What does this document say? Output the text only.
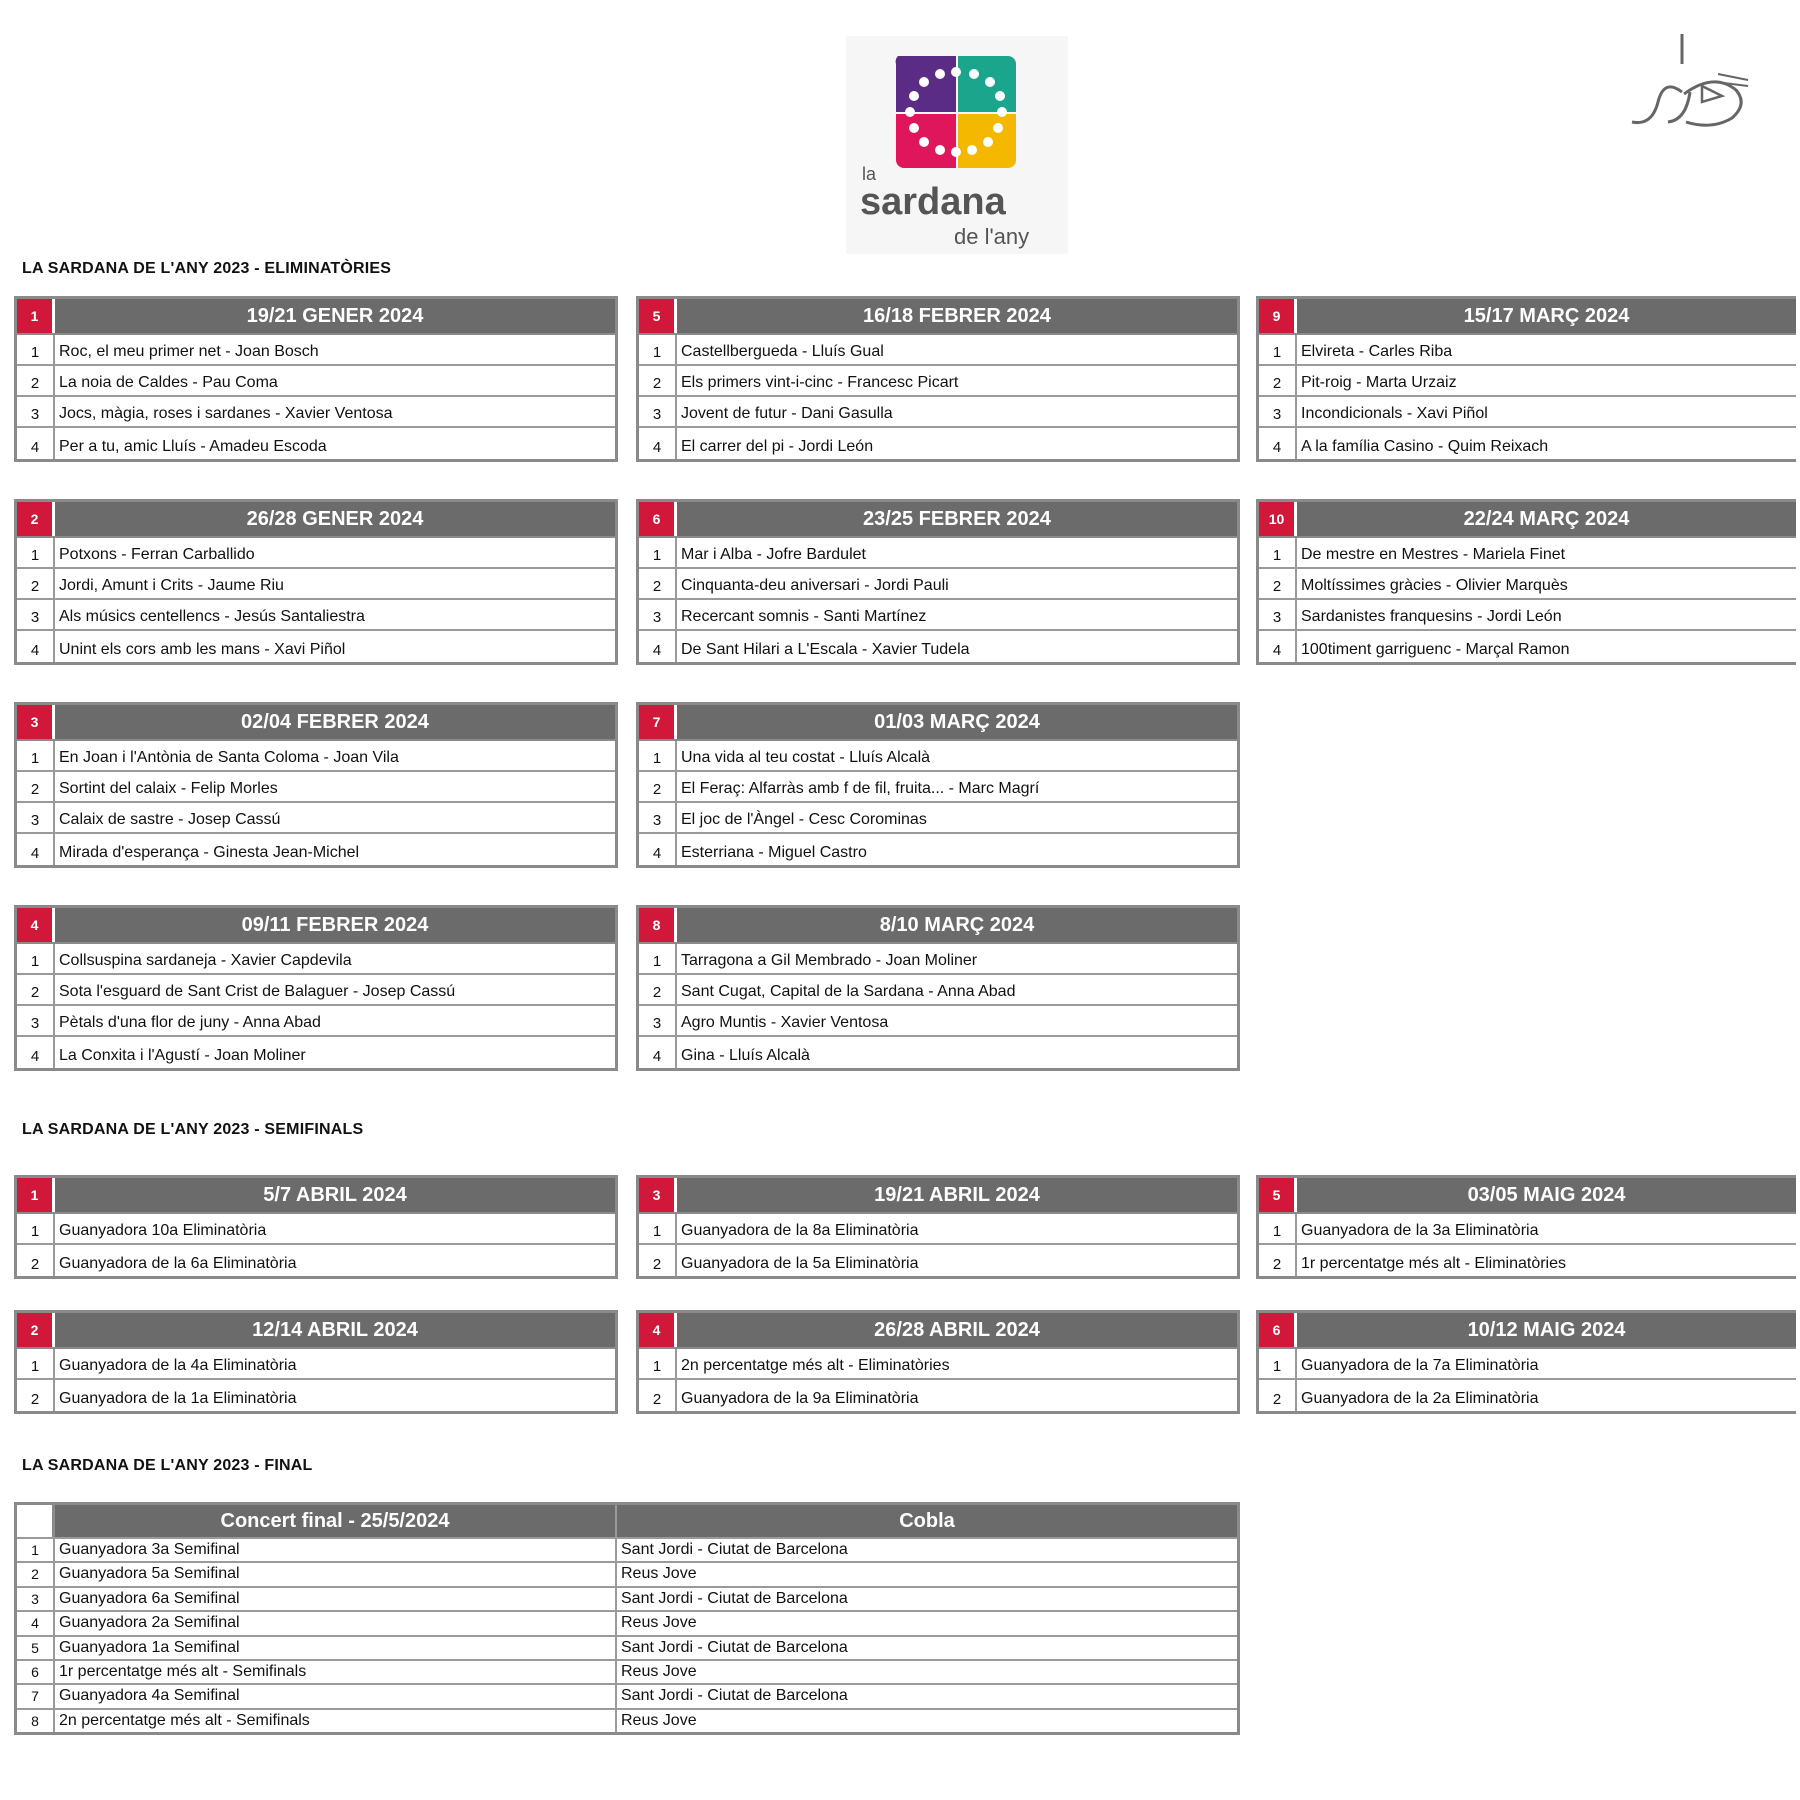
la
sardana
de l'any
LA SARDANA DE L'ANY 2023 - ELIMINATÒRIES
LA SARDANA DE L'ANY 2023 - SEMIFINALS
LA SARDANA DE L'ANY 2023 - FINAL
1	19/21 GENER 2024
1	Roc, el meu primer net - Joan Bosch
2	La noia de Caldes - Pau Coma
3	Jocs, màgia, roses i sardanes - Xavier Ventosa
4	Per a tu, amic Lluís - Amadeu Escoda
2	26/28 GENER 2024
1	Potxons - Ferran Carballido
2	Jordi, Amunt i Crits - Jaume Riu
3	Als músics centellencs - Jesús Santaliestra
4	Unint els cors amb les mans - Xavi Piñol
3	02/04 FEBRER 2024
1	En Joan i l'Antònia de Santa Coloma - Joan Vila
2	Sortint del calaix - Felip Morles
3	Calaix de sastre - Josep Cassú
4	Mirada d'esperança - Ginesta Jean-Michel
4	09/11 FEBRER 2024
1	Collsuspina sardaneja - Xavier Capdevila
2	Sota l'esguard de Sant Crist de Balaguer - Josep Cassú
3	Pètals d'una flor de juny - Anna Abad
4	La Conxita i l'Agustí - Joan Moliner
5	16/18 FEBRER 2024
1	Castellbergueda - Lluís Gual
2	Els primers vint-i-cinc - Francesc Picart
3	Jovent de futur - Dani Gasulla
4	El carrer del pi - Jordi León
6	23/25 FEBRER 2024
1	Mar i Alba - Jofre Bardulet
2	Cinquanta-deu aniversari - Jordi Pauli
3	Recercant somnis - Santi Martínez
4	De Sant Hilari a L'Escala - Xavier Tudela
7	01/03 MARÇ 2024
1	Una vida al teu costat - Lluís Alcalà
2	El Feraç: Alfarràs amb f de fil, fruita... - Marc Magrí
3	El joc de l'Àngel - Cesc Corominas
4	Esterriana - Miguel Castro
8	8/10 MARÇ 2024
1	Tarragona a Gil Membrado - Joan Moliner
2	Sant Cugat, Capital de la Sardana - Anna Abad
3	Agro Muntis - Xavier Ventosa
4	Gina - Lluís Alcalà
9	15/17 MARÇ 2024
1	Elvireta - Carles Riba
2	Pit-roig - Marta Urzaiz
3	Incondicionals - Xavi Piñol
4	A la família Casino - Quim Reixach
10	22/24 MARÇ 2024
1	De mestre en Mestres - Mariela Finet
2	Moltíssimes gràcies - Olivier Marquès
3	Sardanistes franquesins - Jordi León
4	100timent garriguenc - Marçal Ramon
1	5/7 ABRIL 2024
1	Guanyadora 10a Eliminatòria
2	Guanyadora de la 6a Eliminatòria
2	12/14 ABRIL 2024
1	Guanyadora de la 4a Eliminatòria
2	Guanyadora de la 1a Eliminatòria
3	19/21 ABRIL 2024
1	Guanyadora de la 8a Eliminatòria
2	Guanyadora de la 5a Eliminatòria
4	26/28 ABRIL 2024
1	2n percentatge més alt - Eliminatòries
2	Guanyadora de la 9a Eliminatòria
5	03/05 MAIG 2024
1	Guanyadora de la 3a Eliminatòria
2	1r percentatge més alt - Eliminatòries
6	10/12 MAIG 2024
1	Guanyadora de la 7a Eliminatòria
2	Guanyadora de la 2a Eliminatòria
Concert final - 25/5/2024	Cobla
1	Guanyadora 3a Semifinal	Sant Jordi - Ciutat de Barcelona
2	Guanyadora 5a Semifinal	Reus Jove
3	Guanyadora 6a Semifinal	Sant Jordi - Ciutat de Barcelona
4	Guanyadora 2a Semifinal	Reus Jove
5	Guanyadora 1a Semifinal	Sant Jordi - Ciutat de Barcelona
6	1r percentatge més alt - Semifinals	Reus Jove
7	Guanyadora 4a Semifinal	Sant Jordi - Ciutat de Barcelona
8	2n percentatge més alt - Semifinals	Reus Jove
